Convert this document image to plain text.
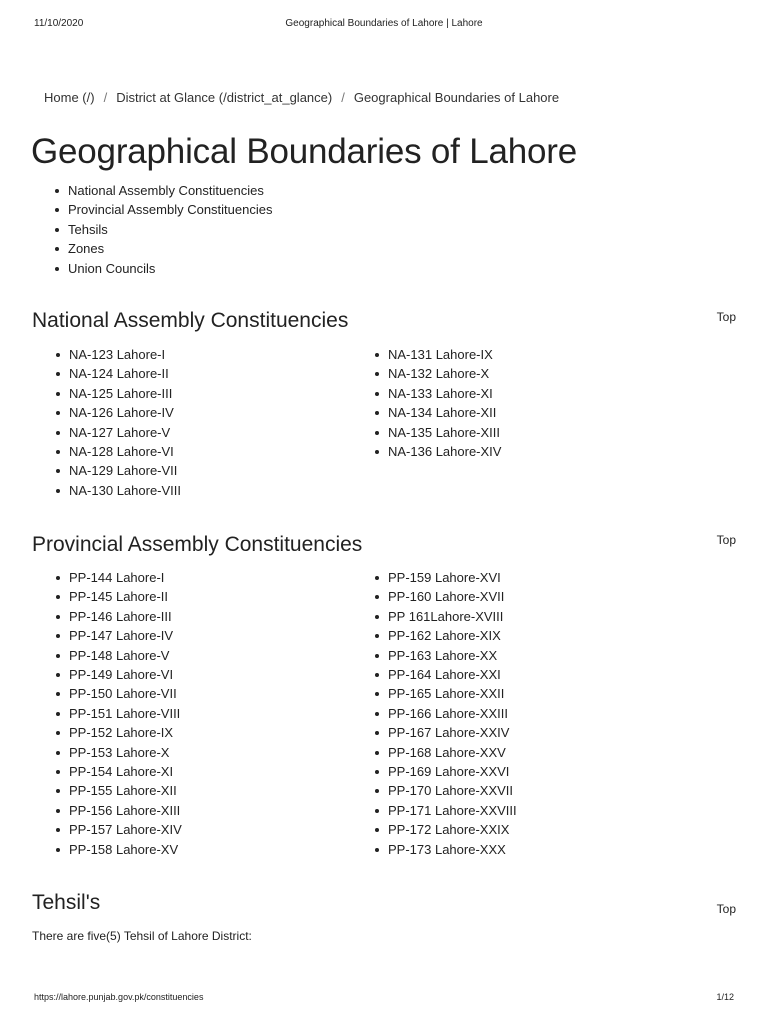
11/10/2020	Geographical Boundaries of Lahore | Lahore
Home (/) / District at Glance (/district_at_glance) / Geographical Boundaries of Lahore
Geographical Boundaries of Lahore
National Assembly Constituencies
Provincial Assembly Constituencies
Tehsils
Zones
Union Councils
National Assembly Constituencies	Top
NA-123 Lahore-I
NA-124 Lahore-II
NA-125 Lahore-III
NA-126 Lahore-IV
NA-127 Lahore-V
NA-128 Lahore-VI
NA-129 Lahore-VII
NA-130 Lahore-VIII
NA-131 Lahore-IX
NA-132 Lahore-X
NA-133 Lahore-XI
NA-134 Lahore-XII
NA-135 Lahore-XIII
NA-136 Lahore-XIV
Provincial Assembly Constituencies	Top
PP-144 Lahore-I
PP-145 Lahore-II
PP-146 Lahore-III
PP-147 Lahore-IV
PP-148 Lahore-V
PP-149 Lahore-VI
PP-150 Lahore-VII
PP-151 Lahore-VIII
PP-152 Lahore-IX
PP-153 Lahore-X
PP-154 Lahore-XI
PP-155 Lahore-XII
PP-156 Lahore-XIII
PP-157 Lahore-XIV
PP-158 Lahore-XV
PP-159 Lahore-XVI
PP-160 Lahore-XVII
PP 161Lahore-XVIII
PP-162 Lahore-XIX
PP-163 Lahore-XX
PP-164 Lahore-XXI
PP-165 Lahore-XXII
PP-166 Lahore-XXIII
PP-167 Lahore-XXIV
PP-168 Lahore-XXV
PP-169 Lahore-XXVI
PP-170 Lahore-XXVII
PP-171 Lahore-XXVIII
PP-172 Lahore-XXIX
PP-173 Lahore-XXX
Tehsil's	Top

There are five(5) Tehsil of Lahore District:

https://lahore.punjab.gov.pk/constituencies	1/12
